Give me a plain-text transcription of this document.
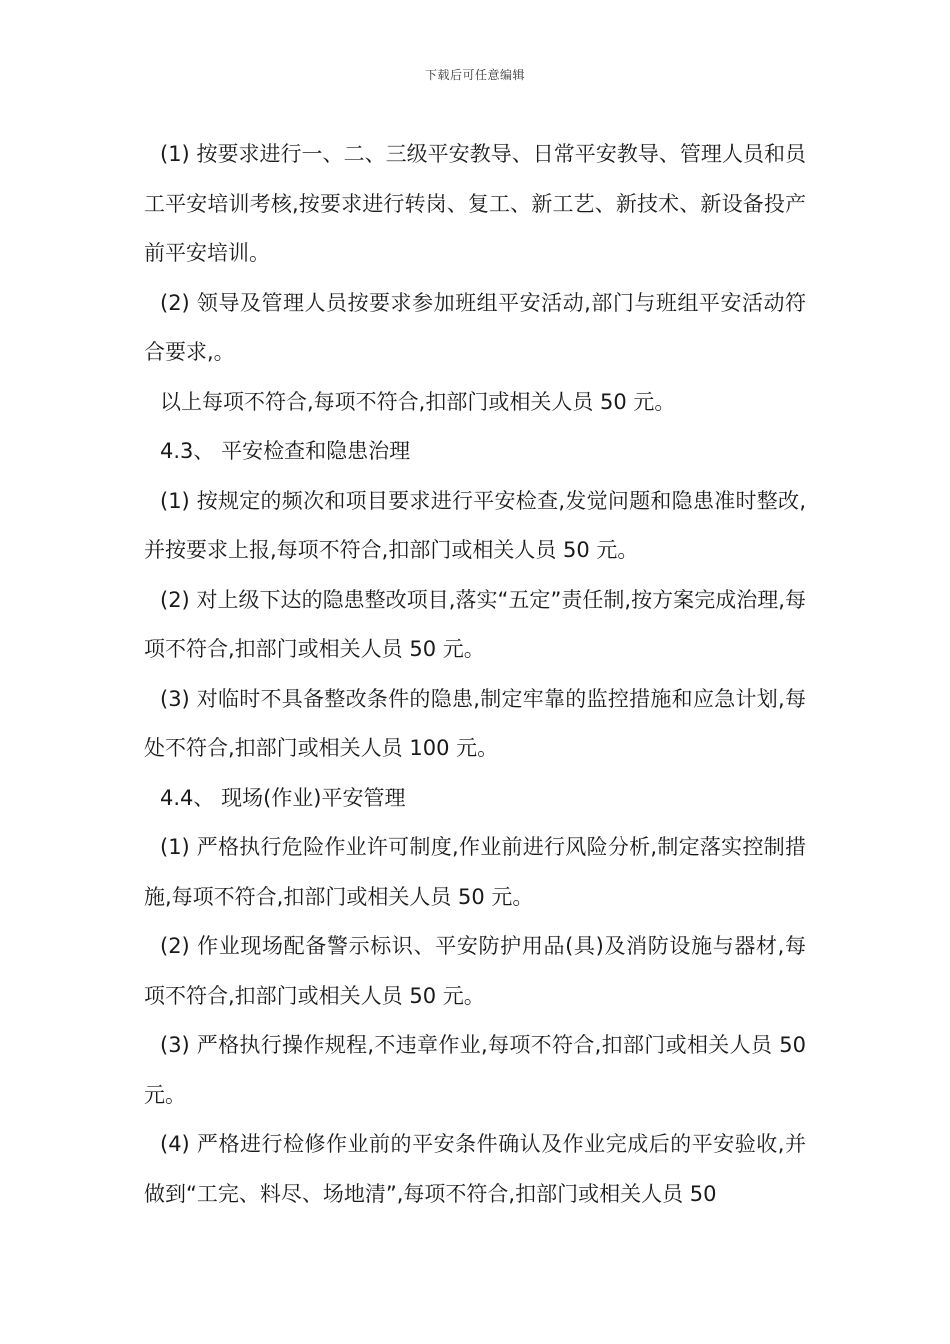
下载后可任意编辑

(1) 按要求进行一、二、三级平安教导、日常平安教导、管理人员和员工平安培训考核,按要求进行转岗、复工、新工艺、新技术、新设备投产前平安培训。

(2) 领导及管理人员按要求参加班组平安活动,部门与班组平安活动符合要求,。

以上每项不符合,每项不符合,扣部门或相关人员 50 元。

4.3、 平安检查和隐患治理

(1) 按规定的频次和项目要求进行平安检查,发觉问题和隐患准时整改,并按要求上报,每项不符合,扣部门或相关人员 50 元。

(2) 对上级下达的隐患整改项目,落实“五定”责任制,按方案完成治理,每项不符合,扣部门或相关人员 50 元。

(3) 对临时不具备整改条件的隐患,制定牢靠的监控措施和应急计划,每处不符合,扣部门或相关人员 100 元。

4.4、 现场(作业)平安管理

(1) 严格执行危险作业许可制度,作业前进行风险分析,制定落实控制措施,每项不符合,扣部门或相关人员 50 元。

(2) 作业现场配备警示标识、平安防护用品(具)及消防设施与器材,每项不符合,扣部门或相关人员 50 元。

(3) 严格执行操作规程,不违章作业,每项不符合,扣部门或相关人员 50 元。

(4) 严格进行检修作业前的平安条件确认及作业完成后的平安验收,并做到“工完、料尽、场地清”,每项不符合,扣部门或相关人员 50
